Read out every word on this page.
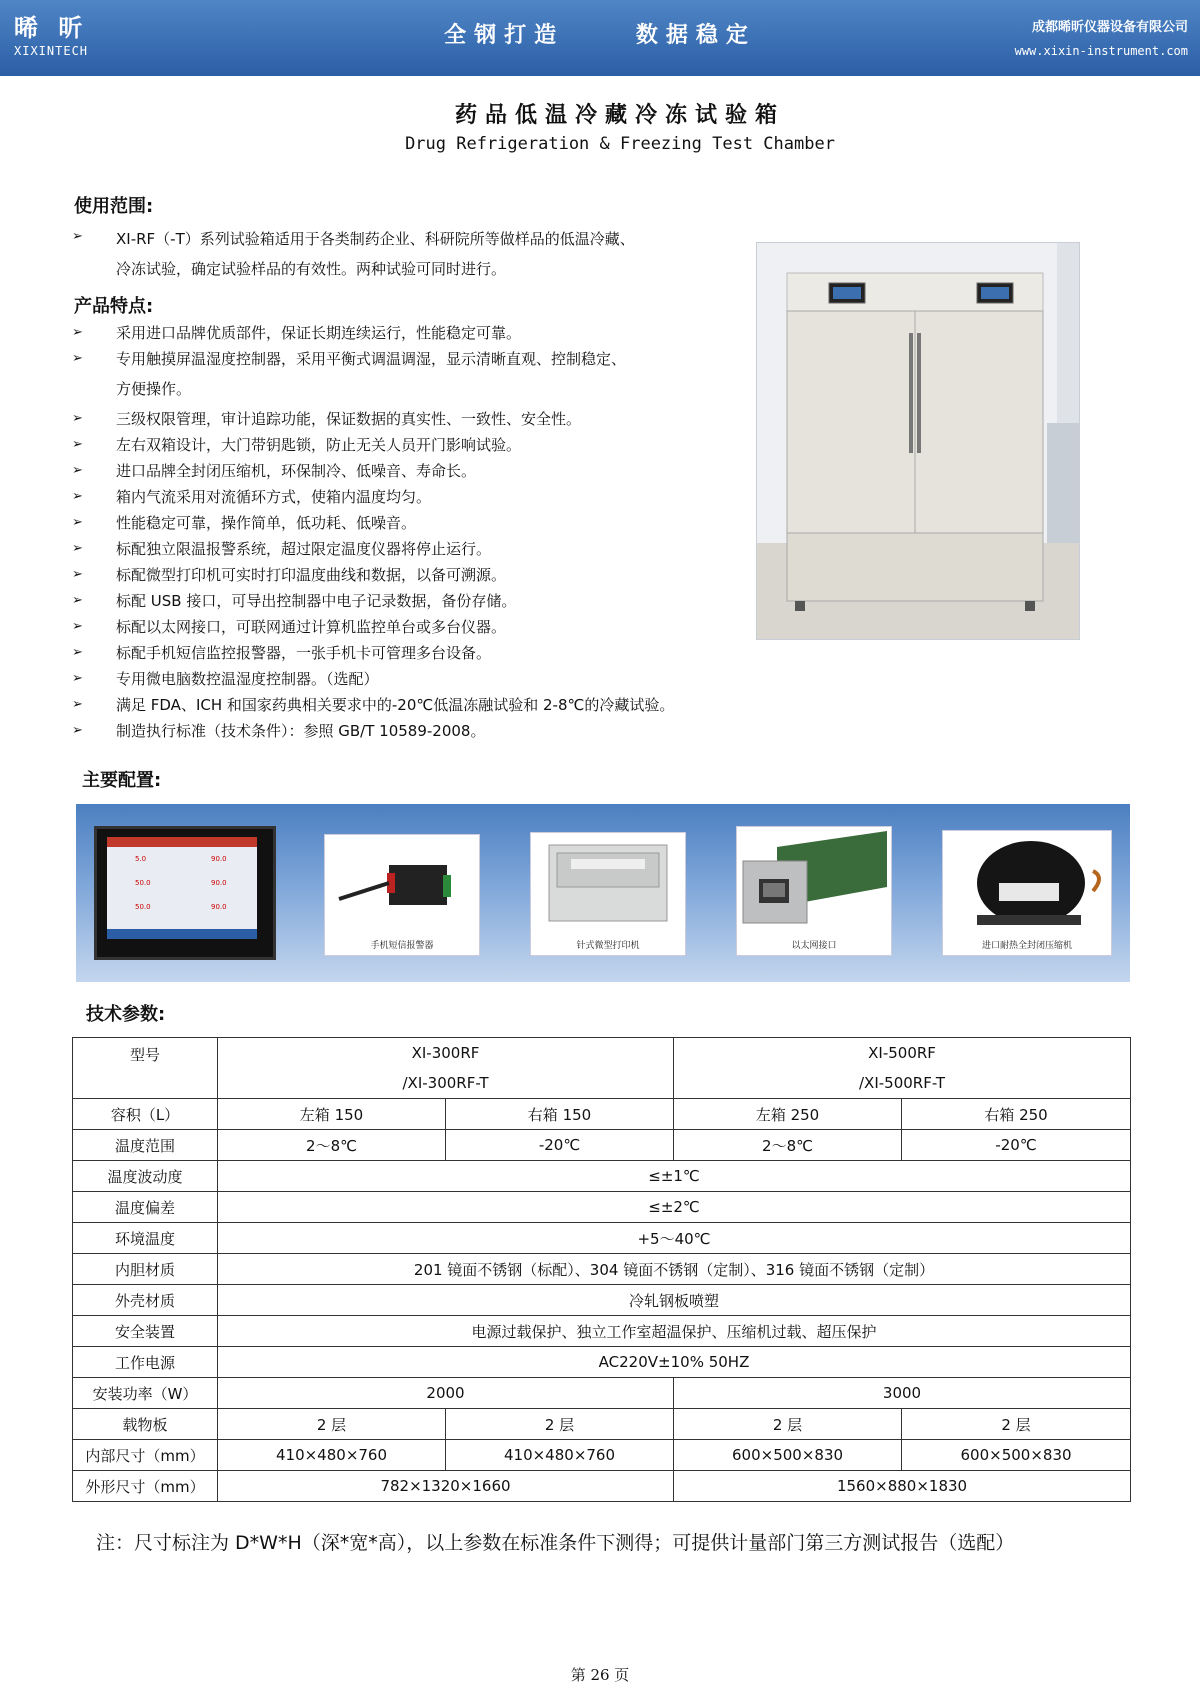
晞 昕
XIXINTECH
全钢打造	数据稳定	成都晞昕仪器设备有限公司
www.xixin-instrument.com
药品低温冷藏冷冻试验箱
Drug Refrigeration & Freezing Test Chamber
使用范围:
➢ XI-RF（-T）系列试验箱适用于各类制药企业、科研院所等做样品的低温冷藏、
冷冻试验，确定试验样品的有效性。两种试验可同时进行。
产品特点:
➢ 采用进口品牌优质部件，保证长期连续运行，性能稳定可靠。
➢ 专用触摸屏温湿度控制器，采用平衡式调温调湿，显示清晰直观、控制稳定、
方便操作。
➢ 三级权限管理，审计追踪功能，保证数据的真实性、一致性、安全性。
➢ 左右双箱设计，大门带钥匙锁，防止无关人员开门影响试验。
➢ 进口品牌全封闭压缩机，环保制冷、低噪音、寿命长。
➢ 箱内气流采用对流循环方式，使箱内温度均匀。
➢ 性能稳定可靠，操作简单，低功耗、低噪音。
➢ 标配独立限温报警系统，超过限定温度仪器将停止运行。
➢ 标配微型打印机可实时打印温度曲线和数据，以备可溯源。
➢ 标配 USB 接口，可导出控制器中电子记录数据，备份存储。
➢ 标配以太网接口，可联网通过计算机监控单台或多台仪器。
➢ 标配手机短信监控报警器，一张手机卡可管理多台设备。
➢ 专用微电脑数控温湿度控制器。（选配）
➢ 满足 FDA、ICH 和国家药典相关要求中的-20℃低温冻融试验和 2-8℃的冷藏试验。
➢ 制造执行标准（技术条件）：参照 GB/T 10589-2008。
主要配置:
5.0	90.0
50.0	90.0
50.0	90.0
手机短信报警器	针式微型打印机	以太网接口	进口耐热全封闭压缩机
技术参数:
型号	XI-300RF		XI-500RF	
	/XI-300RF-T		/XI-500RF-T	
容积（L）	左箱 150	右箱 150	左箱 250	右箱 250
温度范围	2～8℃	-20℃	2～8℃	-20℃
温度波动度	≤±1℃			
温度偏差	≤±2℃			
环境温度	+5～40℃			
内胆材质	201 镜面不锈钢（标配）、304 镜面不锈钢（定制）、316 镜面不锈钢（定制）			
外壳材质	冷轧钢板喷塑			
安全装置	电源过载保护、独立工作室超温保护、压缩机过载、超压保护			
工作电源	AC220V±10% 50HZ			
安装功率（W）	2000		3000	
载物板	2 层	2 层	2 层	2 层
内部尺寸（mm）	410×480×760	410×480×760	600×500×830	600×500×830
外形尺寸（mm）	782×1320×1660		1560×880×1830	
注：尺寸标注为 D*W*H（深*宽*高），以上参数在标准条件下测得；可提供计量部门第三方测试报告（选配）
第 26 页
